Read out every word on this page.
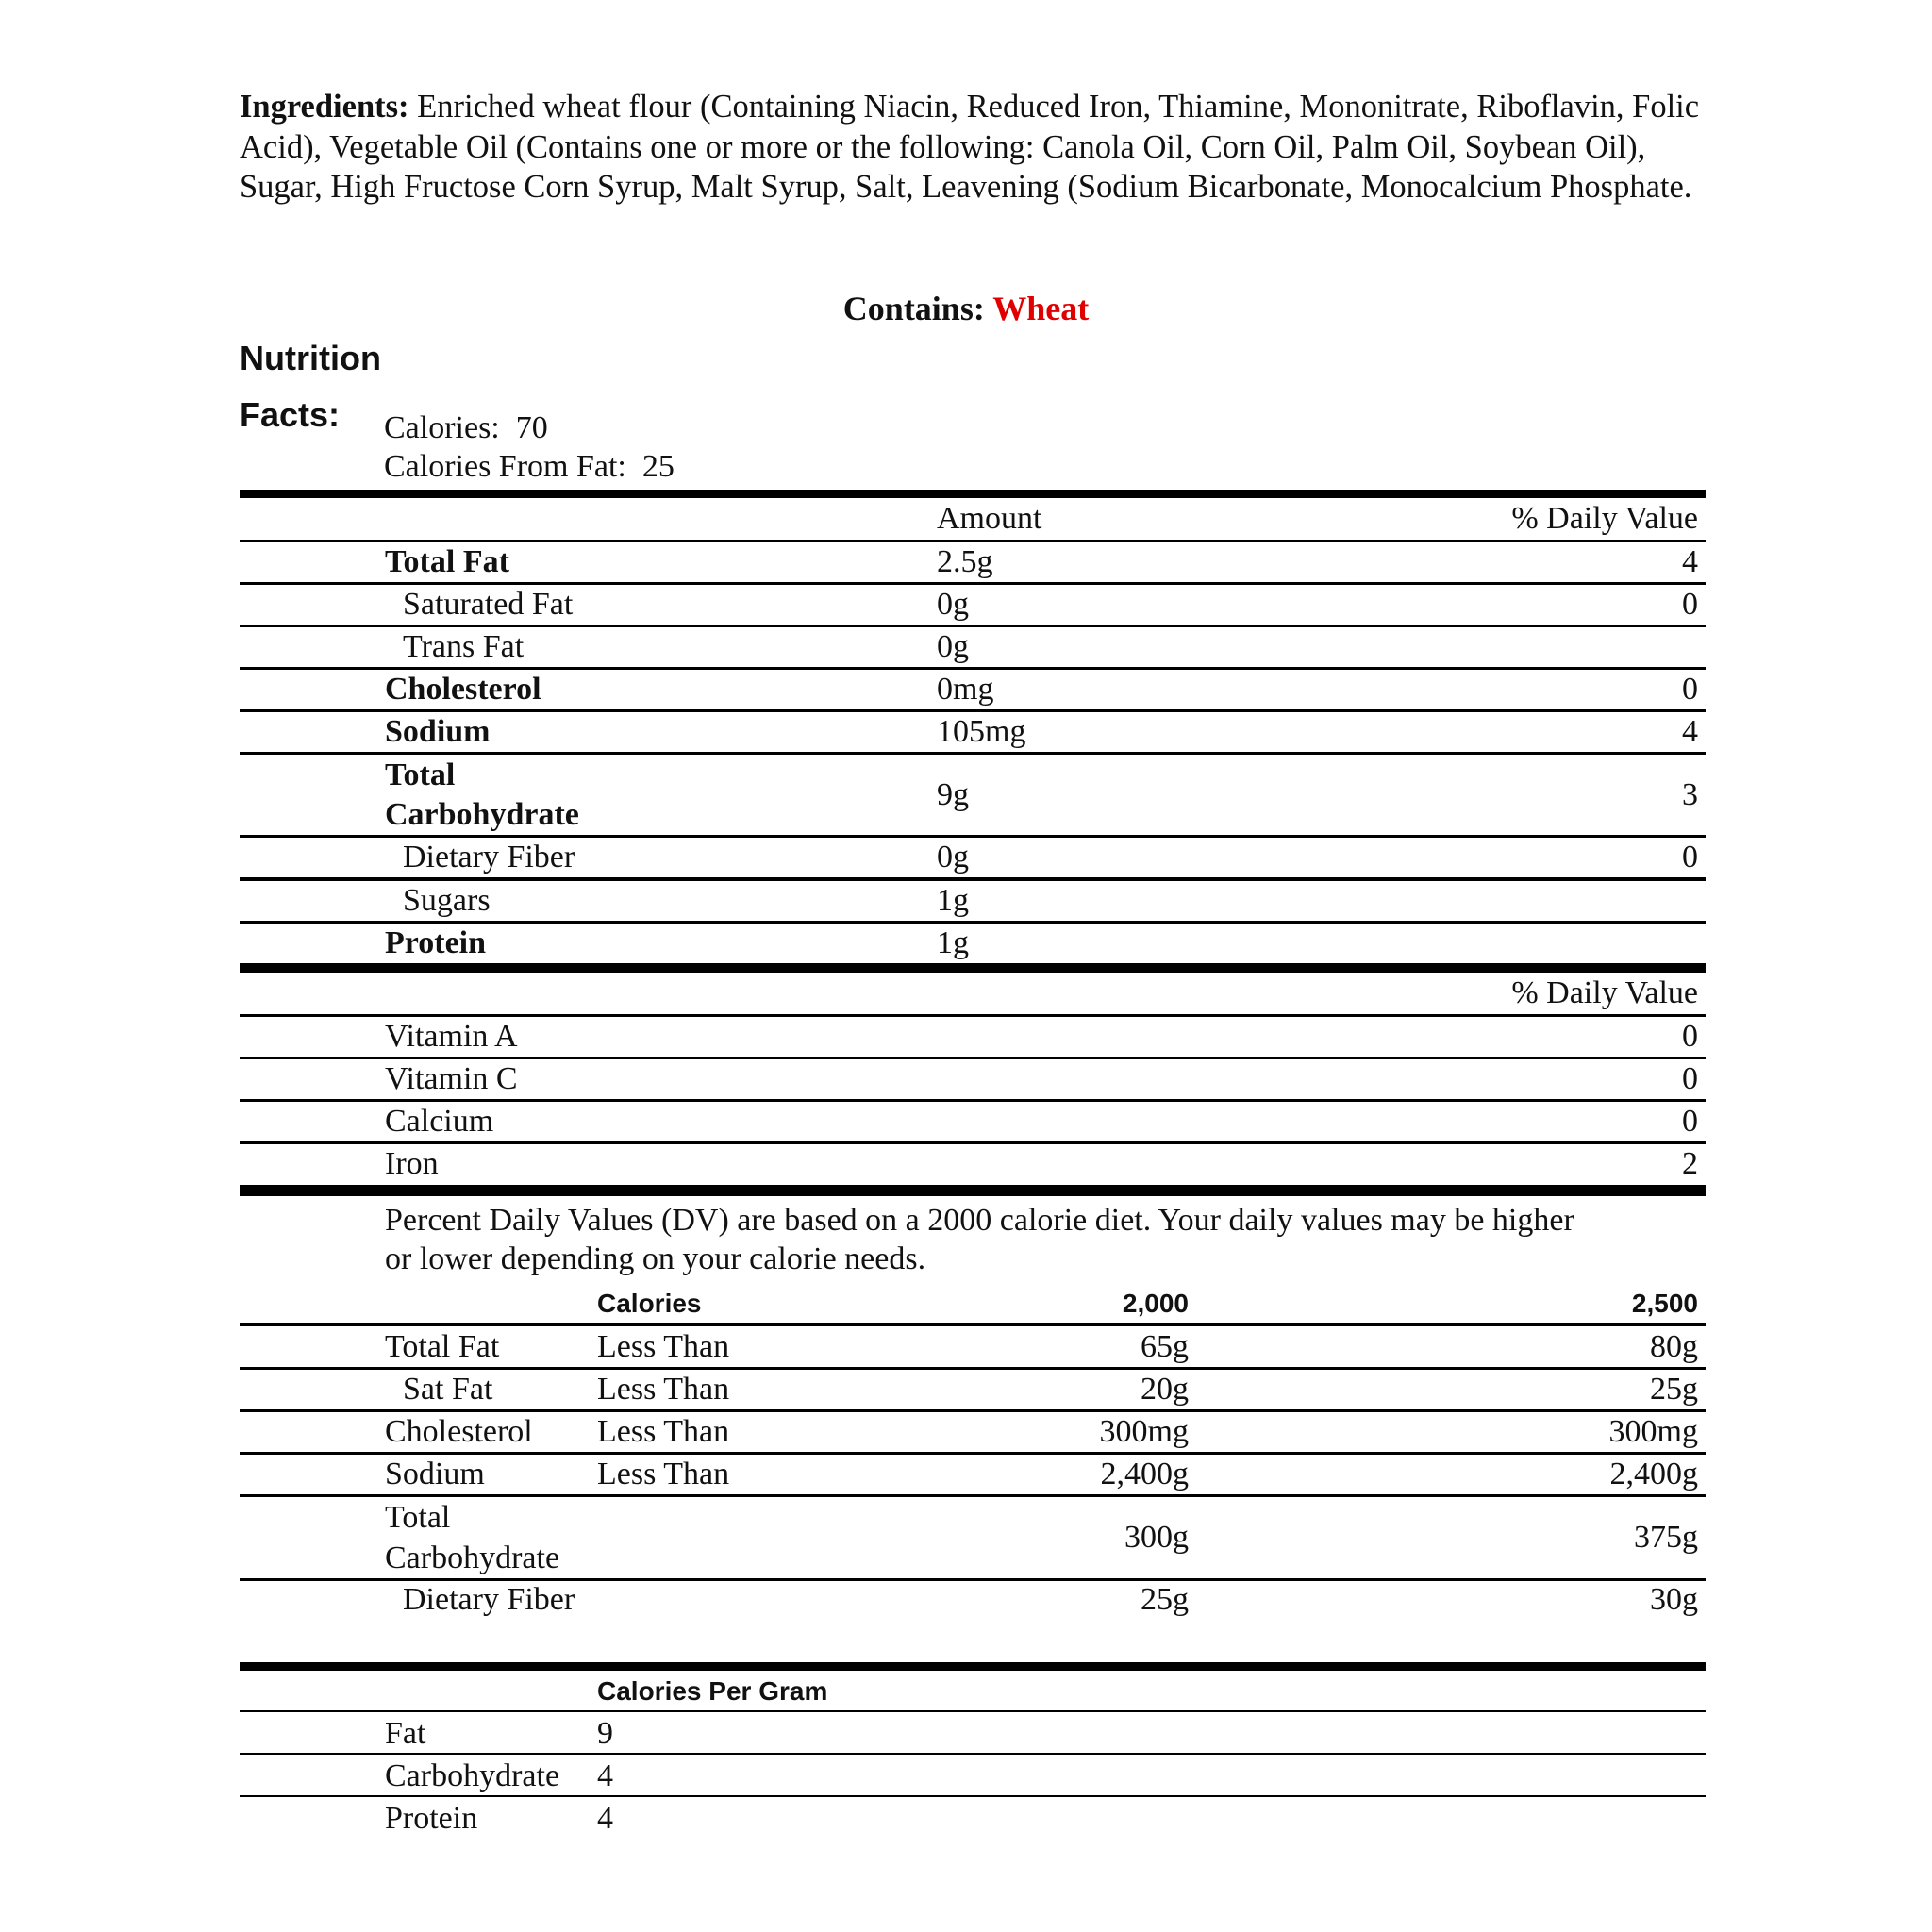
Ingredients: Enriched wheat flour (Containing Niacin, Reduced Iron, Thiamine, Mononitrate, Riboflavin, Folic Acid), Vegetable Oil (Contains one or more or the following: Canola Oil, Corn Oil, Palm Oil, Soybean Oil), Sugar, High Fructose Corn Syrup, Malt Syrup, Salt, Leavening (Sodium Bicarbonate, Monocalcium Phosphate.
Contains: Wheat
Nutrition
Facts: Calories: 70
Calories From Fat: 25
Amount	% Daily Value
Total Fat	2.5g	4
Saturated Fat	0g	0
Trans Fat	0g
Cholesterol	0mg	0
Sodium	105mg	4
Total
Carbohydrate
9g	3
Dietary Fiber	0g	0
Sugars	1g
Protein	1g
% Daily Value
Vitamin A	0
Vitamin C	0
Calcium	0
Iron	2
Percent Daily Values (DV) are based on a 2000 calorie diet. Your daily values may be higher
or lower depending on your calorie needs.
Calories	2,000	2,500
Total Fat	Less Than	65g	80g
Sat Fat	Less Than	20g	25g
Cholesterol Less Than	300mg	300mg
Sodium	Less Than	2,400g	2,400g
Total
Carbohydrate
300g	375g
Dietary Fiber	25g	30g
Calories Per Gram
Fat	9
Carbohydrate 4
Protein	4
